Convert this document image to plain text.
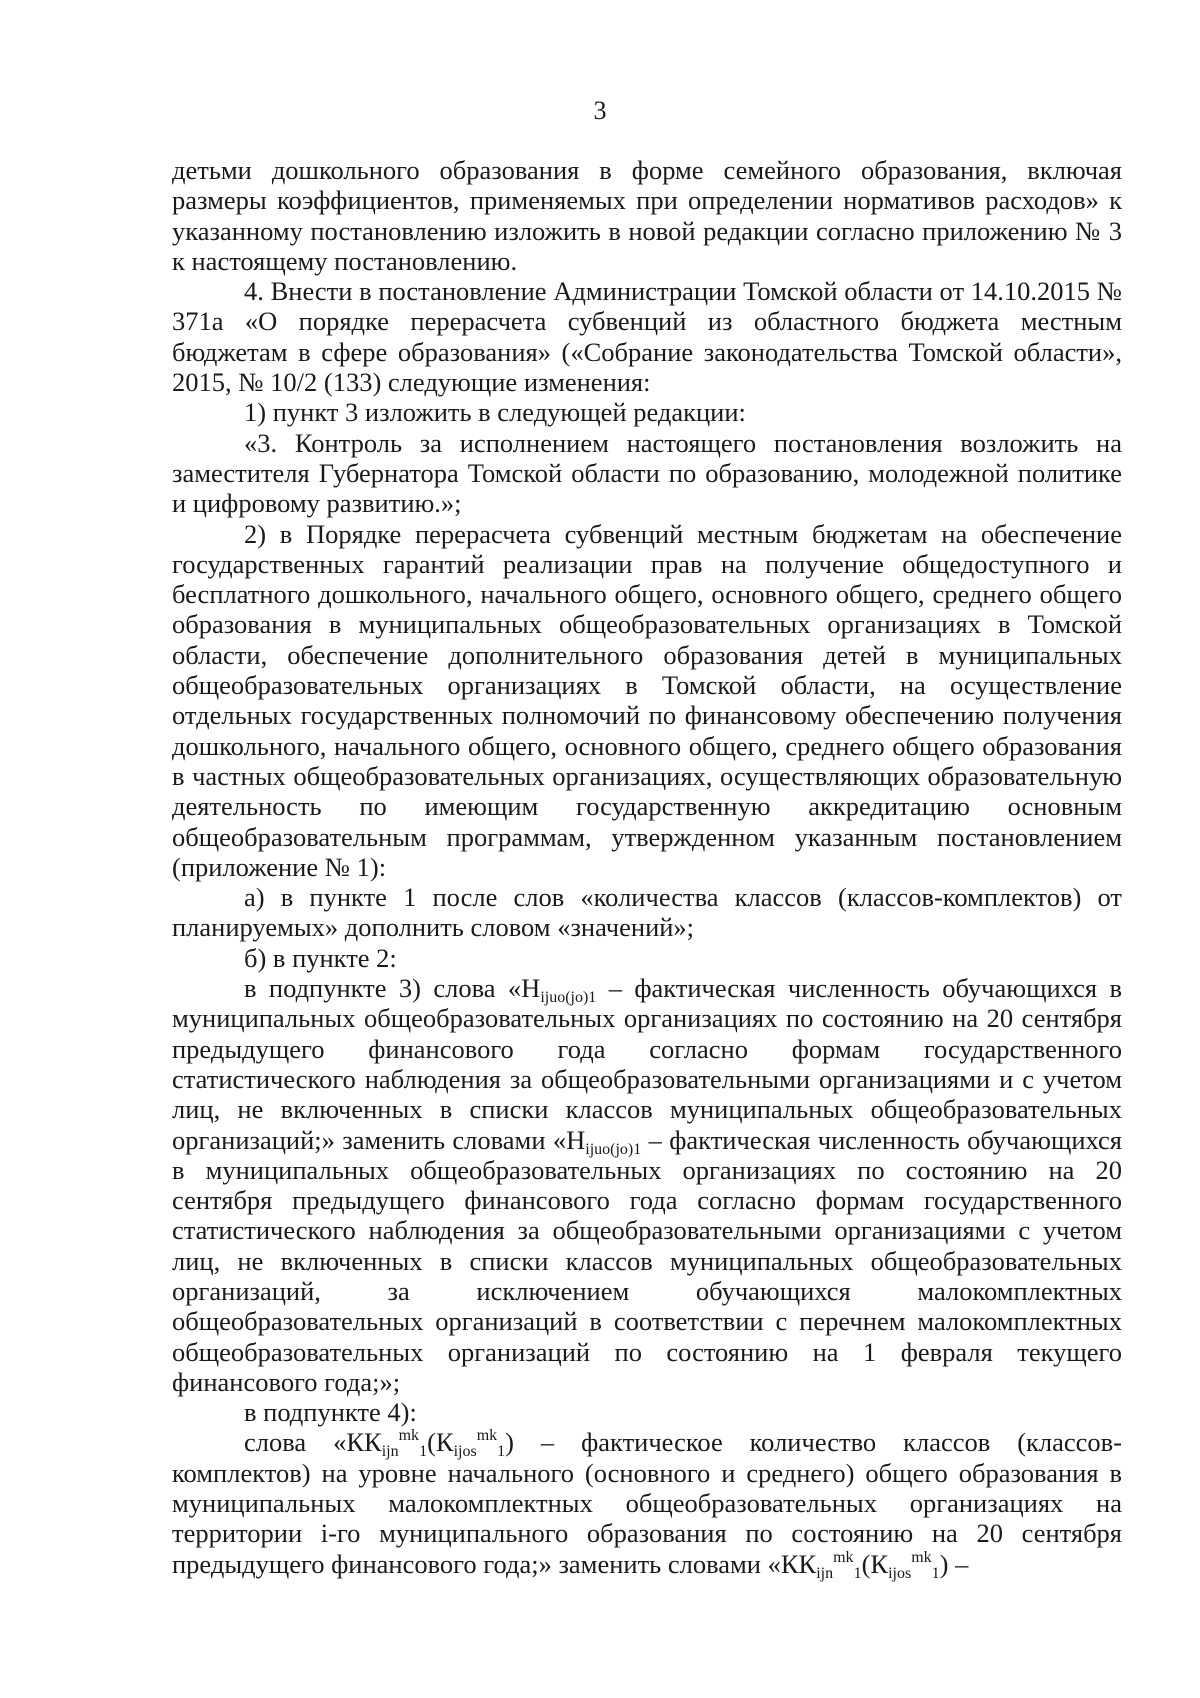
3

детьми дошкольного образования в форме семейного образования, включая размеры коэффициентов, применяемых при определении нормативов расходов» к указанному постановлению изложить в новой редакции согласно приложению № 3 к настоящему постановлению.

4. Внести в постановление Администрации Томской области от 14.10.2015 № 371а «О порядке перерасчета субвенций из областного бюджета местным бюджетам в сфере образования» («Собрание законодательства Томской области», 2015, № 10/2 (133) следующие изменения:

1) пункт 3 изложить в следующей редакции:

«3. Контроль за исполнением настоящего постановления возложить на заместителя Губернатора Томской области по образованию, молодежной политике и цифровому развитию.»;

2) в Порядке перерасчета субвенций местным бюджетам на обеспечение государственных гарантий реализации прав на получение общедоступного и бесплатного дошкольного, начального общего, основного общего, среднего общего образования в муниципальных общеобразовательных организациях в Томской области, обеспечение дополнительного образования детей в муниципальных общеобразовательных организациях в Томской области, на осуществление отдельных государственных полномочий по финансовому обеспечению получения дошкольного, начального общего, основного общего, среднего общего образования в частных общеобразовательных организациях, осуществляющих образовательную деятельность по имеющим государственную аккредитацию основным общеобразовательным программам, утвержденном указанным постановлением (приложение № 1):

а) в пункте 1 после слов «количества классов (классов-комплектов) от планируемых» дополнить словом «значений»;

б) в пункте 2:

в подпункте 3) слова «$Н_{ijuo(jo)1}$ – фактическая численность обучающихся в муниципальных общеобразовательных организациях по состоянию на 20 сентября предыдущего финансового года согласно формам государственного статистического наблюдения за общеобразовательными организациями и с учетом лиц, не включенных в списки классов муниципальных общеобразовательных организаций;» заменить словами «$Н_{ijuo(jo)1}$ – фактическая численность обучающихся в муниципальных общеобразовательных организациях по состоянию на 20 сентября предыдущего финансового года согласно формам государственного статистического наблюдения за общеобразовательными организациями с учетом лиц, не включенных в списки классов муниципальных общеобразовательных организаций, за исключением обучающихся малокомплектных общеобразовательных организаций в соответствии с перечнем малокомплектных общеобразовательных организаций по состоянию на 1 февраля текущего финансового года;»;

в подпункте 4):

слова «$КК_{ijn}^{mk}_1(К_{ijos}^{mk}_1)$ – фактическое количество классов (классов-комплектов) на уровне начального (основного и среднего) общего образования в муниципальных малокомплектных общеобразовательных организациях на территории i-го муниципального образования по состоянию на 20 сентября предыдущего финансового года;» заменить словами «$КК_{ijn}^{mk}_1(К_{ijos}^{mk}_1)$ –
